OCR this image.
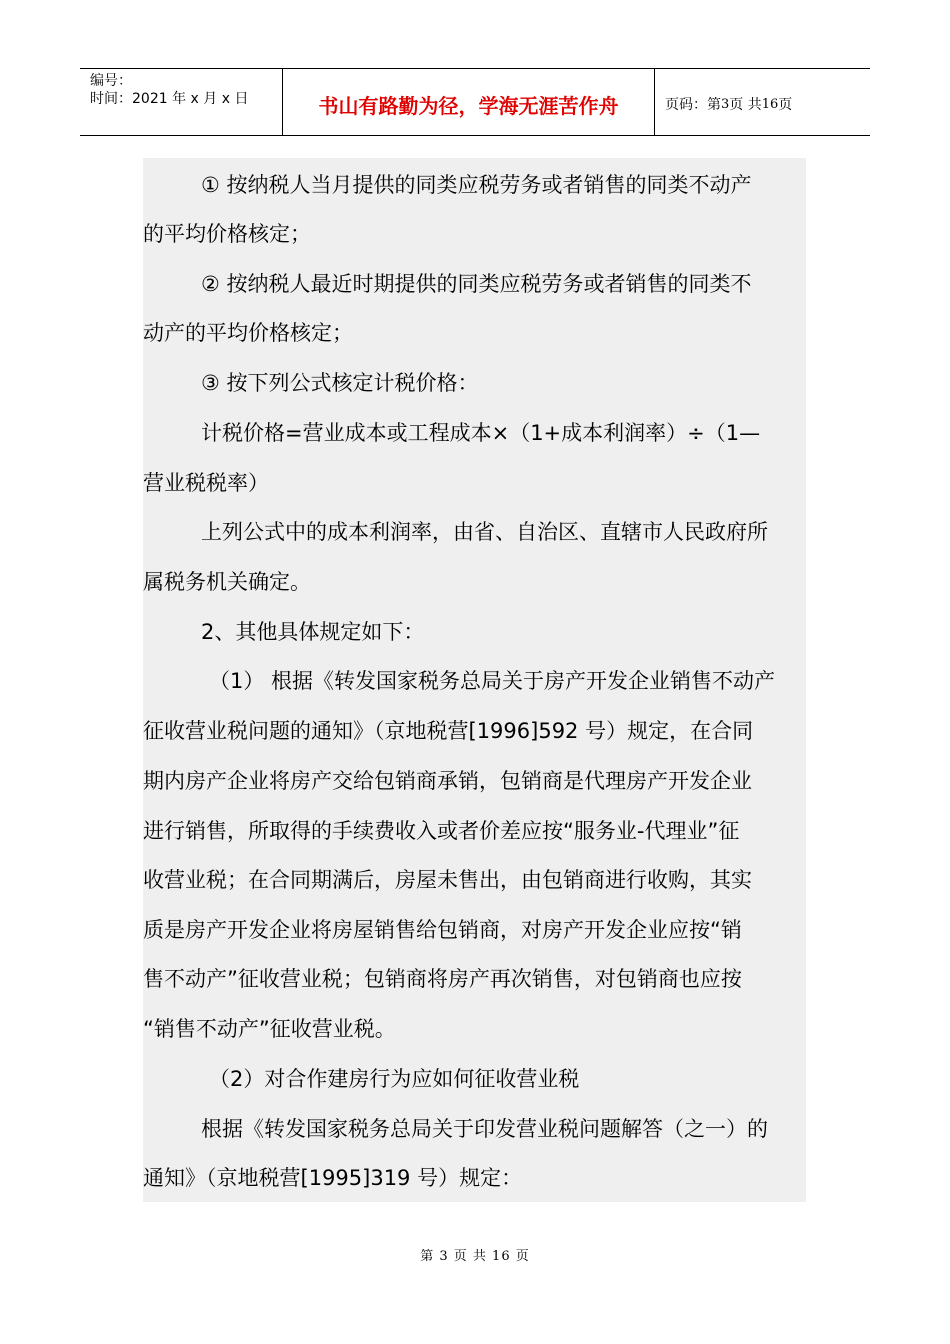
编号：
时间：2021 年 x 月 x 日	书山有路勤为径，学海无涯苦作舟	页码：第 3 页 共 16 页
① 按纳税人当月提供的同类应税劳务或者销售的同类不动产
的平均价格核定；
② 按纳税人最近时期提供的同类应税劳务或者销售的同类不
动产的平均价格核定；
③ 按下列公式核定计税价格：
计税价格=营业成本或工程成本×（1+成本利润率）÷（1—
营业税税率）
上列公式中的成本利润率，由省、自治区、直辖市人民政府所
属税务机关确定。
2、其他具体规定如下：
（1） 根据《转发国家税务总局关于房产开发企业销售不动产
征收营业税问题的通知》（京地税营[1996]592 号）规定，在合同
期内房产企业将房产交给包销商承销，包销商是代理房产开发企业
进行销售，所取得的手续费收入或者价差应按“服务业-代理业”征
收营业税；在合同期满后，房屋未售出，由包销商进行收购，其实
质是房产开发企业将房屋销售给包销商，对房产开发企业应按“销
售不动产”征收营业税；包销商将房产再次销售，对包销商也应按
“销售不动产”征收营业税。
（2）对合作建房行为应如何征收营业税
根据《转发国家税务总局关于印发营业税问题解答（之一）的
通知》（京地税营[1995]319 号）规定：
第 3 页 共 16 页
